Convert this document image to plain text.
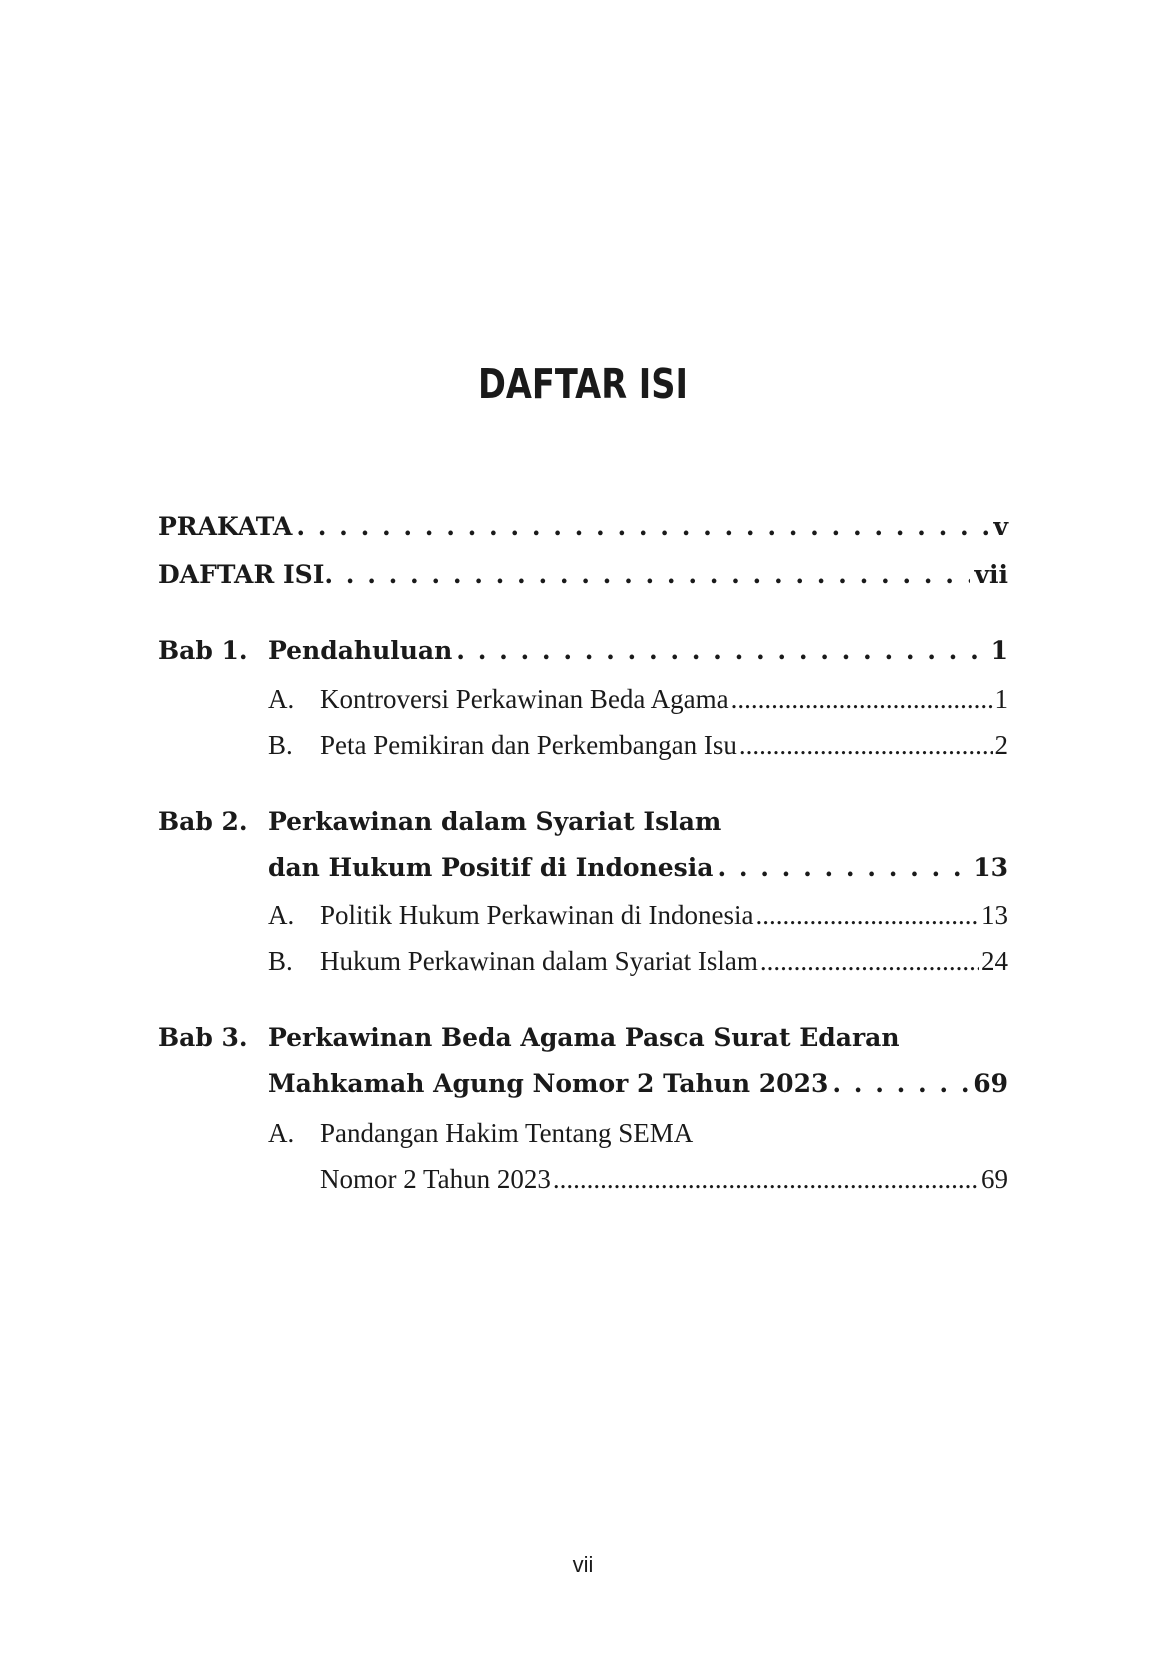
DAFTAR ISI
PRAKATA . . .	v
DAFTAR ISI . . .	vii
Bab 1. Pendahuluan . . .	1
A. Kontroversi Perkawinan Beda Agama .....	1
B.	Peta Pemikiran dan Perkembangan Isu .....	2
Bab 2. Perkawinan dalam Syariat Islam
dan Hukum Positif di Indonesia . . .	13
A. Politik Hukum Perkawinan di Indonesia .....	13
B.	Hukum Perkawinan dalam Syariat Islam .....	24
Bab 3. Perkawinan Beda Agama Pasca Surat Edaran
Mahkamah Agung Nomor 2 Tahun 2023 . . .	69
A. Pandangan Hakim Tentang SEMA
Nomor 2 Tahun 2023 .....	69
vii
